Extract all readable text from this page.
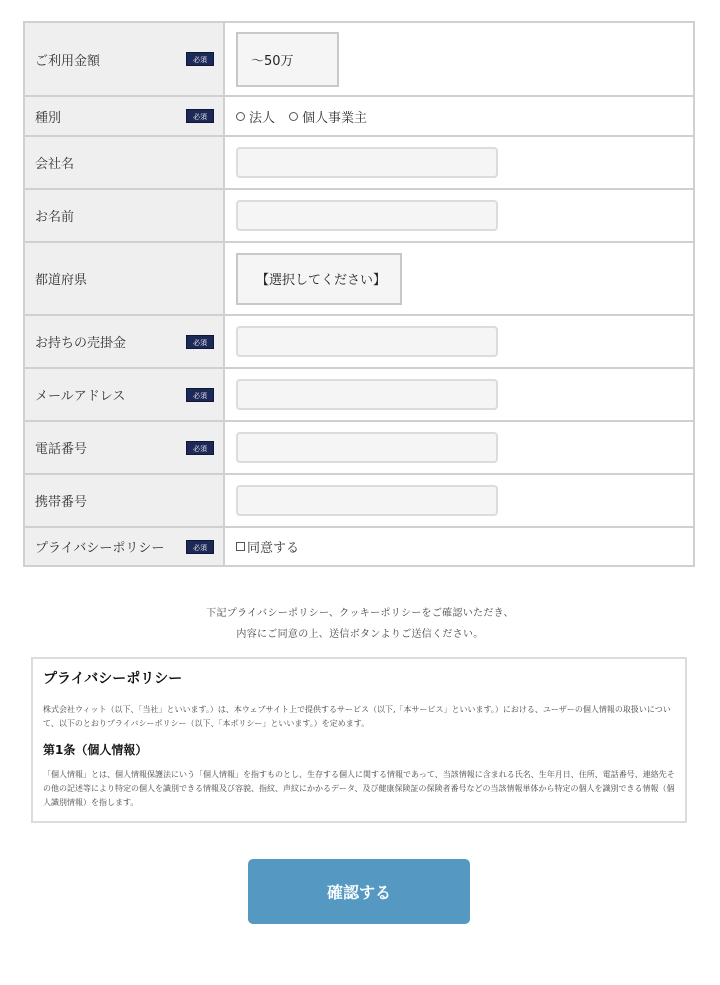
ご利用金額	必須	〜50万
種別	必須	法人 個人事業主
会社名
お名前
都道府県	【選択してください】
お持ちの売掛金	必須
メールアドレス	必須
電話番号	必須
携帯番号
プライバシーポリシー	必須	同意する
下記プライバシーポリシー、クッキーポリシーをご確認いただき、
内容にご同意の上、送信ボタンよりご送信ください。
プライバシーポリシー

株式会社ウィット（以下、「当社」といいます。）は、本ウェブサイト上で提供するサービス（以下,「本サービス」といいます。）における、ユーザーの個人情報の取扱いについて、以下のとおりプライバシーポリシー（以下、「本ポリシー」といいます。）を定めます。

第1条（個人情報）

「個人情報」とは、個人情報保護法にいう「個人情報」を指すものとし、生存する個人に関する情報であって、当該情報に含まれる氏名、生年月日、住所、電話番号、連絡先その他の記述等により特定の個人を識別できる情報及び容貌、指紋、声紋にかかるデータ、及び健康保険証の保険者番号などの当該情報単体から特定の個人を識別できる情報（個人識別情報）を指します。

確認する
